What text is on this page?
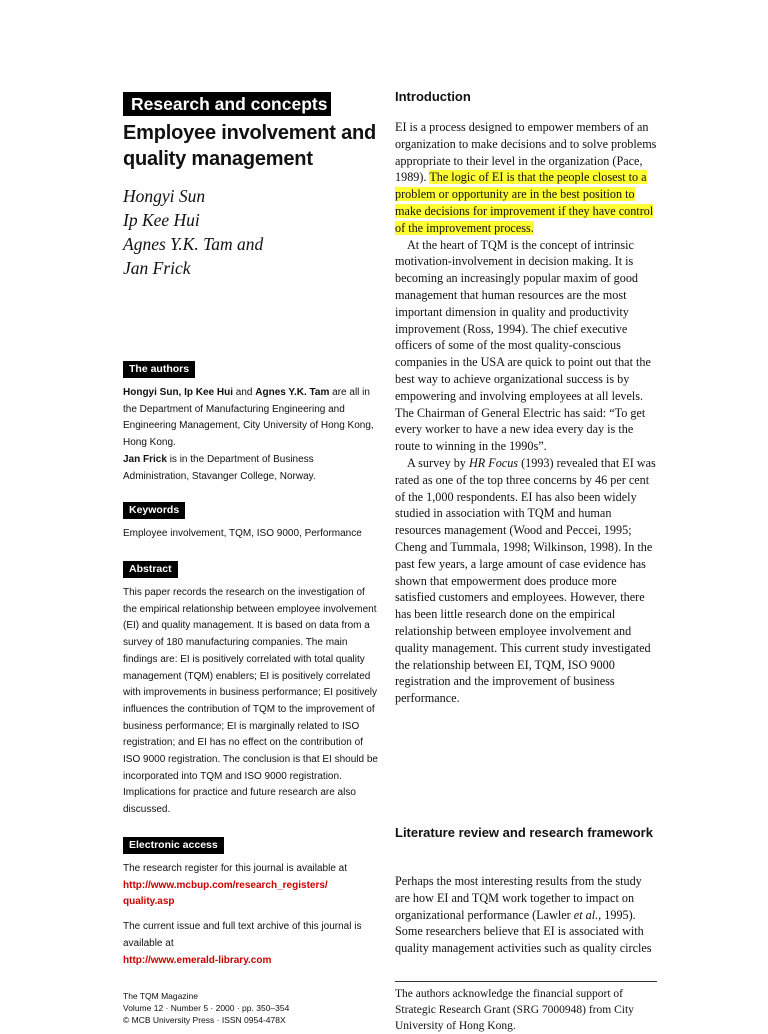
Research and concepts
Employee involvement and quality management
Hongyi Sun
Ip Kee Hui
Agnes Y.K. Tam and
Jan Frick
The authors

Hongyi Sun, Ip Kee Hui and Agnes Y.K. Tam are all in the Department of Manufacturing Engineering and Engineering Management, City University of Hong Kong, Hong Kong.
Jan Frick is in the Department of Business Administration, Stavanger College, Norway.

Keywords

Employee involvement, TQM, ISO 9000, Performance

Abstract

This paper records the research on the investigation of the empirical relationship between employee involvement (EI) and quality management. It is based on data from a survey of 180 manufacturing companies. The main findings are: EI is positively correlated with total quality management (TQM) enablers; EI is positively correlated with improvements in business performance; EI positively influences the contribution of TQM to the improvement of business performance; EI is marginally related to ISO registration; and EI has no effect on the contribution of ISO 9000 registration. The conclusion is that EI should be incorporated into TQM and ISO 9000 registration. Implications for practice and future research are also discussed.

Electronic access

The research register for this journal is available at

http://www.mcbup.com/research_registers/ quality.asp

The current issue and full text archive of this journal is available at

http://www.emerald-library.com

The TQM Magazine
Volume 12 · Number 5 · 2000 · pp. 350–354
© MCB University Press · ISSN 0954-478X
Introduction

EI is a process designed to empower members of an organization to make decisions and to solve problems appropriate to their level in the organization (Pace, 1989). The logic of EI is that the people closest to a problem or opportunity are in the best position to make decisions for improvement if they have control of the improvement process.

At the heart of TQM is the concept of intrinsic motivation-involvement in decision making. It is becoming an increasingly popular maxim of good management that human resources are the most important dimension in quality and productivity improvement (Ross, 1994). The chief executive officers of some of the most quality-conscious companies in the USA are quick to point out that the best way to achieve organizational success is by empowering and involving employees at all levels. The Chairman of General Electric has said: “To get every worker to have a new idea every day is the route to winning in the 1990s”.

A survey by HR Focus (1993) revealed that EI was rated as one of the top three concerns by 46 per cent of the 1,000 respondents. EI has also been widely studied in association with TQM and human resources management (Wood and Peccei, 1995; Cheng and Tummala, 1998; Wilkinson, 1998). In the past few years, a large amount of case evidence has shown that empowerment does produce more satisfied customers and employees. However, there has been little research done on the empirical relationship between employee involvement and quality management. This current study investigated the relationship between EI, TQM, ISO 9000 registration and the improvement of business performance.

Literature review and research framework

Perhaps the most interesting results from the study are how EI and TQM work together to impact on organizational performance (Lawler et al., 1995). Some researchers believe that EI is associated with quality management activities such as quality circles

The authors acknowledge the financial support of Strategic Research Grant (SRG 7000948) from City University of Hong Kong.
